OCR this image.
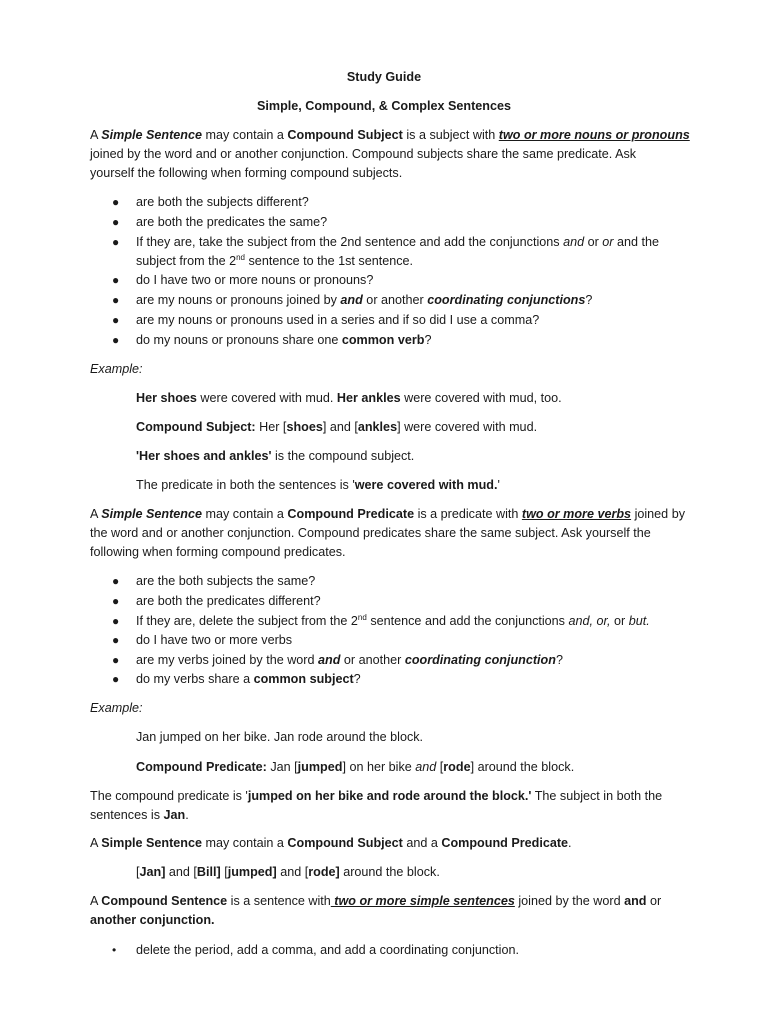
Study Guide
Simple, Compound, & Complex Sentences
A Simple Sentence may contain a Compound Subject is a subject with two or more nouns or pronouns
joined by the word and or another conjunction. Compound subjects share the same predicate. Ask
yourself the following when forming compound subjects.
● are both the subjects different?
● are both the predicates the same?
● If they are, take the subject from the 2nd sentence and add the conjunctions and or or and the
subject from the 2nd sentence to the 1st sentence.
● do I have two or more nouns or pronouns?
● are my nouns or pronouns joined by and or another coordinating conjunctions?
● are my nouns or pronouns used in a series and if so did I use a comma?
● do my nouns or pronouns share one common verb?
Example:
Her shoes were covered with mud. Her ankles were covered with mud, too.
Compound Subject: Her [shoes] and [ankles] were covered with mud.
'Her shoes and ankles' is the compound subject.
The predicate in both the sentences is 'were covered with mud.'
A Simple Sentence may contain a Compound Predicate is a predicate with two or more verbs joined by
the word and or another conjunction. Compound predicates share the same subject. Ask yourself the
following when forming compound predicates.
● are the both subjects the same?
● are both the predicates different?
● If they are, delete the subject from the 2nd sentence and add the conjunctions and, or, or but.
● do I have two or more verbs
● are my verbs joined by the word and or another coordinating conjunction?
● do my verbs share a common subject?
Example:
Jan jumped on her bike. Jan rode around the block.
Compound Predicate: Jan [jumped] on her bike and [rode] around the block.
The compound predicate is 'jumped on her bike and rode around the block.' The subject in both the
sentences is Jan.
A Simple Sentence may contain a Compound Subject and a Compound Predicate.
[Jan] and [Bill] [jumped] and [rode] around the block.
A Compound Sentence is a sentence with two or more simple sentences joined by the word and or
another conjunction.
• delete the period, add a comma, and add a coordinating conjunction.
